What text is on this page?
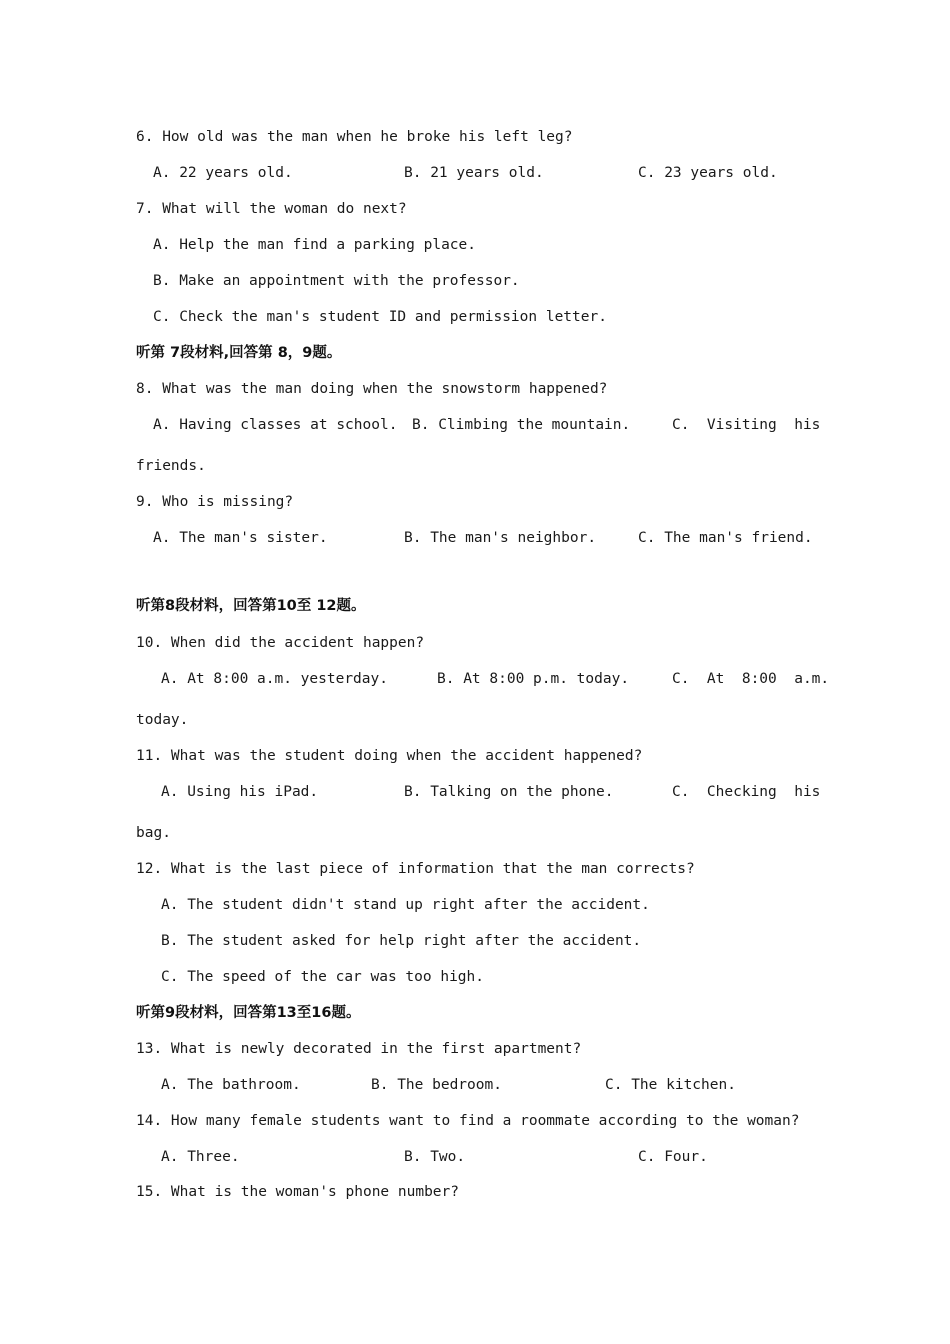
6. How old was the man when he broke his left leg?
A. 22 years old.	B. 21 years old.	C. 23 years old.
7. What will the woman do next?
A. Help the man find a parking place.
B. Make an appointment with the professor.
C. Check the man's student ID and permission letter.
听第 7段材料,回答第 8，9题。
8. What was the man doing when the snowstorm happened?
A. Having classes at school. B. Climbing the mountain.	C.  Visiting  his
friends.
9. Who is missing?
A. The man's sister.	B. The man's neighbor.	C. The man's friend.
听第8段材料，回答第10至 12题。
10. When did the accident happen?
A. At 8:00 a.m. yesterday.	B. At 8:00 p.m. today.	C.  At  8:00  a.m.
today.
11. What was the student doing when the accident happened?
A. Using his iPad.	B. Talking on the phone.	C.  Checking  his
bag.
12. What is the last piece of information that the man corrects?
A. The student didn't stand up right after the accident.
B. The student asked for help right after the accident.
C. The speed of the car was too high.
听第9段材料，回答第13至16题。
13. What is newly decorated in the first apartment?
A. The bathroom.	B. The bedroom.	C. The kitchen.
14. How many female students want to find a roommate according to the woman?
A. Three.	B. Two.	C. Four.
15. What is the woman's phone number?
